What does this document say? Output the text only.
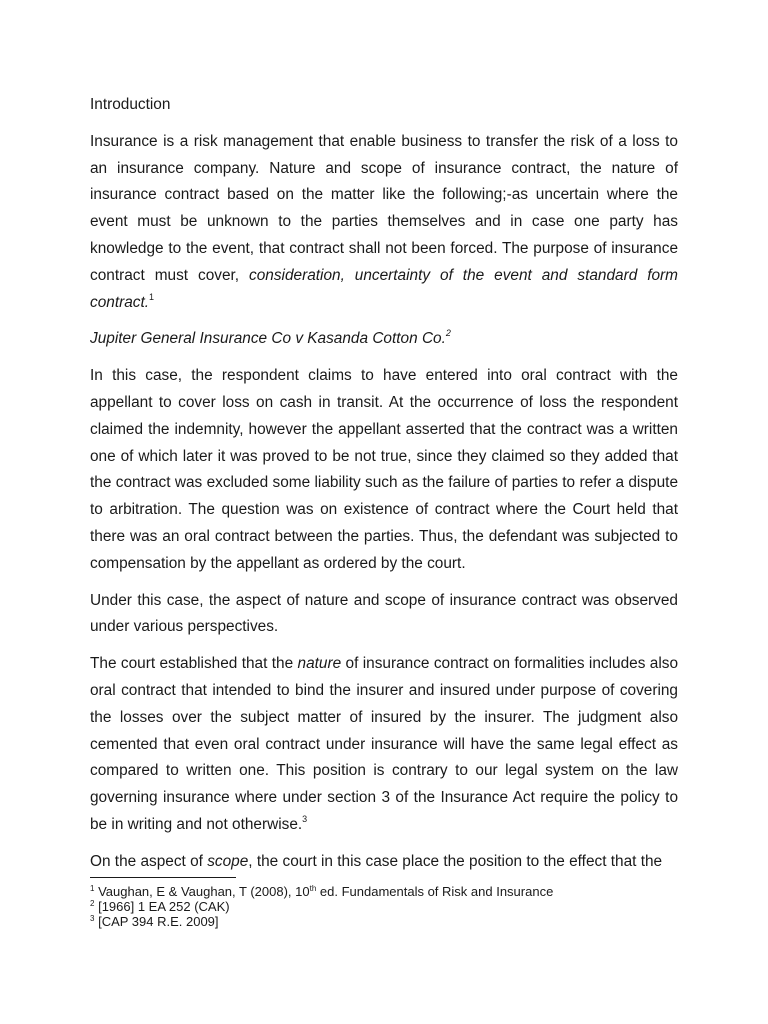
Introduction

Insurance is a risk management that enable business to transfer the risk of a loss to an insurance company. Nature and scope of insurance contract, the nature of insurance contract based on the matter like the following;-as uncertain where the event must be unknown to the parties themselves and in case one party has knowledge to the event, that contract shall not been forced. The purpose of insurance contract must cover, consideration, uncertainty of the event and standard form contract.$^1$

Jupiter General Insurance Co v Kasanda Cotton Co.$^2$

In this case, the respondent claims to have entered into oral contract with the appellant to cover loss on cash in transit. At the occurrence of loss the respondent claimed the indemnity, however the appellant asserted that the contract was a written one of which later it was proved to be not true, since they claimed so they added that the contract was excluded some liability such as the failure of parties to refer a dispute to arbitration. The question was on existence of contract where the Court held that there was an oral contract between the parties. Thus, the defendant was subjected to compensation by the appellant as ordered by the court.

Under this case, the aspect of nature and scope of insurance contract was observed under various perspectives.

The court established that the nature of insurance contract on formalities includes also oral contract that intended to bind the insurer and insured under purpose of covering the losses over the subject matter of insured by the insurer. The judgment also cemented that even oral contract under insurance will have the same legal effect as compared to written one. This position is contrary to our legal system on the law governing insurance where under section 3 of the Insurance Act require the policy to be in writing and not otherwise.$^3$

On the aspect of scope, the court in this case place the position to the effect that the

$^1$ Vaughan, E & Vaughan, T (2008), 10th ed. Fundamentals of Risk and Insurance
$^2$ [1966] 1 EA 252 (CAK)
$^3$ [CAP 394 R.E. 2009]
